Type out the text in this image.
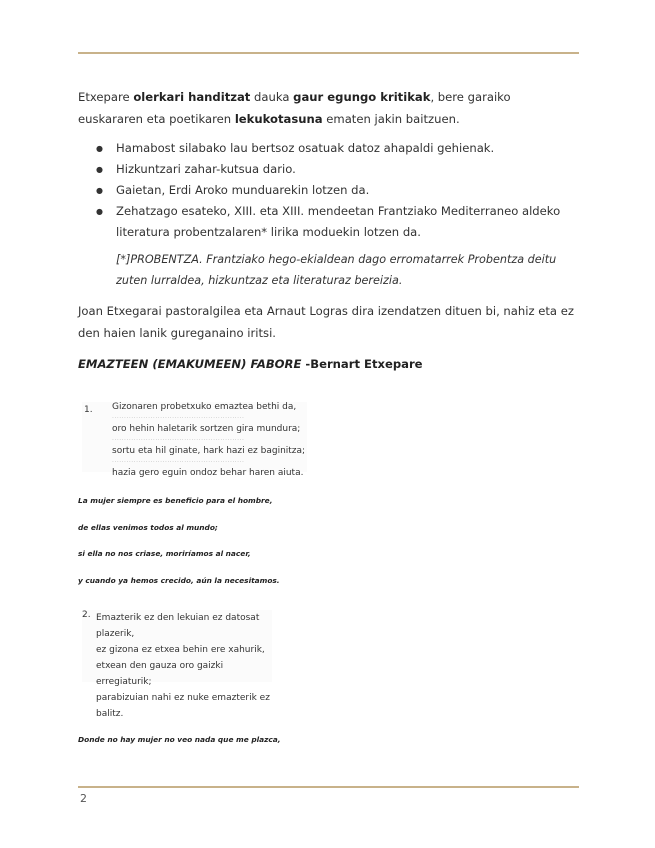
Etxepare olerkari handitzat dauka gaur egungo kritikak, bere garaiko euskararen eta poetikaren lekukotasuna ematen jakin baitzuen.

● Hamabost silabako lau bertsoz osatuak datoz ahapaldi gehienak.
● Hizkuntzari zahar-kutsua dario.
● Gaietan, Erdi Aroko munduarekin lotzen da.
● Zehatzago esateko, XIII. eta XIII. mendeetan Frantziako Mediterraneo aldeko literatura probentzalaren* lirika moduekin lotzen da.

[*]PROBENTZA. Frantziako hego-ekialdean dago erromatarrek Probentza deitu zuten lurraldea, hizkuntzaz eta literaturaz bereizia.

Joan Etxegarai pastoralgilea eta Arnaut Logras dira izendatzen dituen bi, nahiz eta ez den haien lanik gureganaino iritsi.

EMAZTEEN (EMAKUMEEN) FABORE -Bernart Etxepare

1. Gizonaren probetxuko emaztea bethi da,
·······················································
oro hehin haletarik sortzen gira mundura;
·······················································
sortu eta hil ginate, hark hazi ez baginitza;
·······················································
hazia gero eguin ondoz behar haren aiuta.
La mujer siempre es beneficio para el hombre,
de ellas venimos todos al mundo;
si ella no nos criase, moriríamos al nacer,
y cuando ya hemos crecido, aún la necesitamos.
2. Emazterik ez den lekuian ez datosat plazerik,
ez gizona ez etxea behin ere xahurik,
etxean den gauza oro gaizki erregiaturik;
parabizuian nahi ez nuke emazterik ez balitz.
Donde no hay mujer no veo nada que me plazca,
2
